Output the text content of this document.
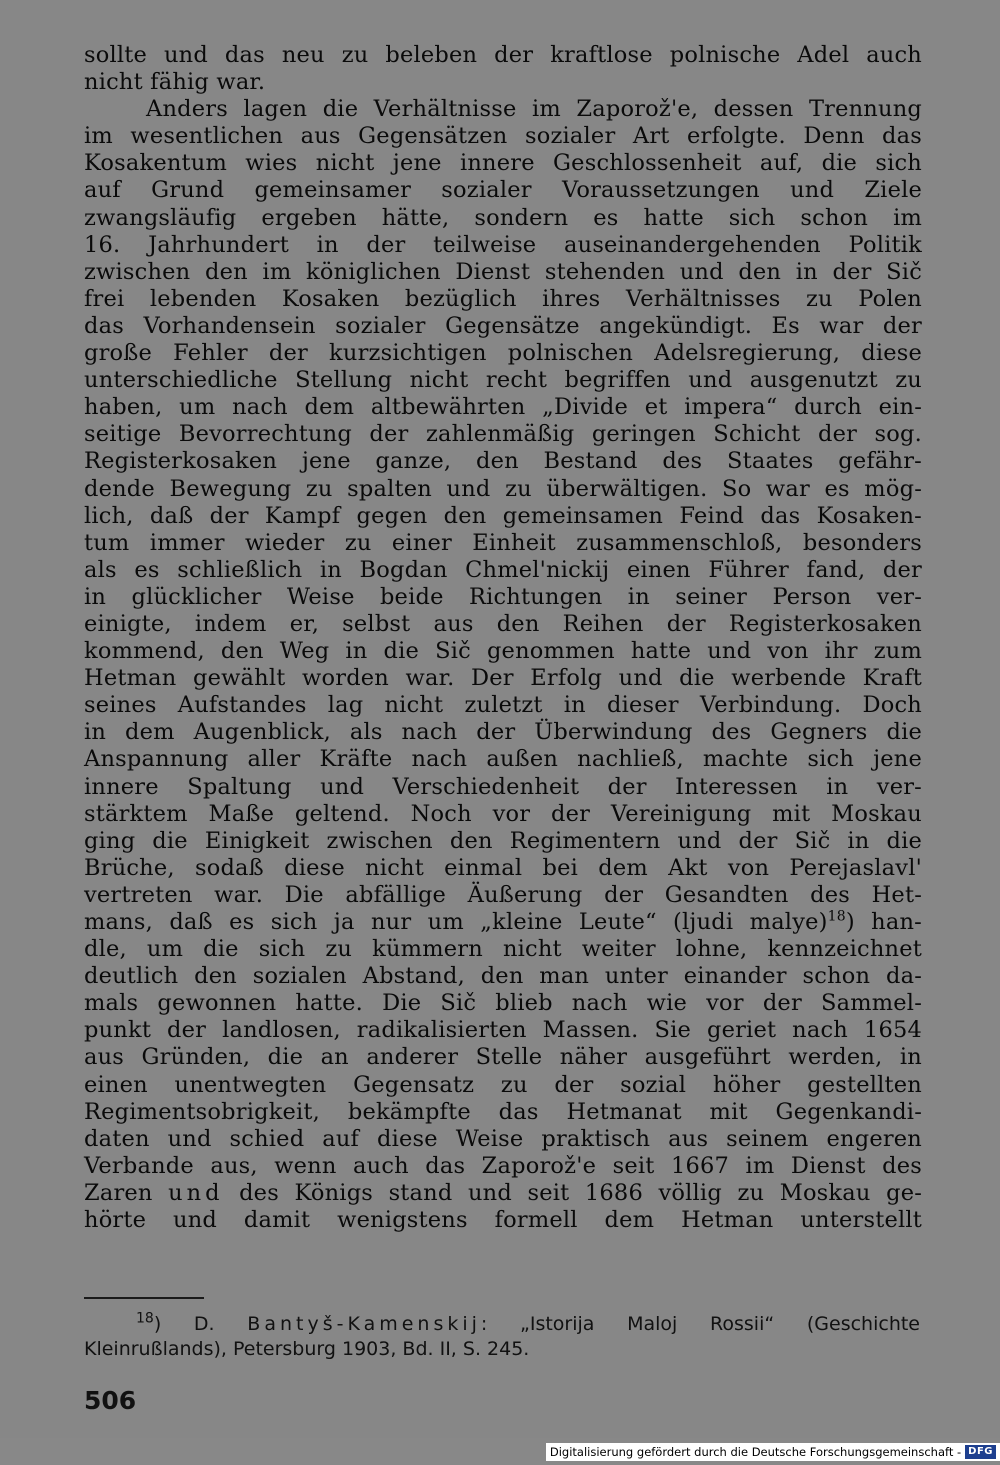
sollte und das neu zu beleben der kraftlose polnische Adel auch
nicht fähig war.
Anders lagen die Verhältnisse im Zaporož'e, dessen Trennung
im wesentlichen aus Gegensätzen sozialer Art erfolgte. Denn das
Kosakentum wies nicht jene innere Geschlossenheit auf, die sich
auf Grund gemeinsamer sozialer Voraussetzungen und Ziele
zwangsläufig ergeben hätte, sondern es hatte sich schon im
16. Jahrhundert in der teilweise auseinandergehenden Politik
zwischen den im königlichen Dienst stehenden und den in der Sič
frei lebenden Kosaken bezüglich ihres Verhältnisses zu Polen
das Vorhandensein sozialer Gegensätze angekündigt. Es war der
große Fehler der kurzsichtigen polnischen Adelsregierung, diese
unterschiedliche Stellung nicht recht begriffen und ausgenutzt zu
haben, um nach dem altbewährten „Divide et impera“ durch ein-
seitige Bevorrechtung der zahlenmäßig geringen Schicht der sog.
Registerkosaken jene ganze, den Bestand des Staates gefähr-
dende Bewegung zu spalten und zu überwältigen. So war es mög-
lich, daß der Kampf gegen den gemeinsamen Feind das Kosaken-
tum immer wieder zu einer Einheit zusammenschloß, besonders
als es schließlich in Bogdan Chmel'nickij einen Führer fand, der
in glücklicher Weise beide Richtungen in seiner Person ver-
einigte, indem er, selbst aus den Reihen der Registerkosaken
kommend, den Weg in die Sič genommen hatte und von ihr zum
Hetman gewählt worden war. Der Erfolg und die werbende Kraft
seines Aufstandes lag nicht zuletzt in dieser Verbindung. Doch
in dem Augenblick, als nach der Überwindung des Gegners die
Anspannung aller Kräfte nach außen nachließ, machte sich jene
innere Spaltung und Verschiedenheit der Interessen in ver-
stärktem Maße geltend. Noch vor der Vereinigung mit Moskau
ging die Einigkeit zwischen den Regimentern und der Sič in die
Brüche, sodaß diese nicht einmal bei dem Akt von Perejaslavl'
vertreten war. Die abfällige Äußerung der Gesandten des Het-
mans, daß es sich ja nur um „kleine Leute“ (ljudi malye)$^{18}$) han-
dle, um die sich zu kümmern nicht weiter lohne, kennzeichnet
deutlich den sozialen Abstand, den man unter einander schon da-
mals gewonnen hatte. Die Sič blieb nach wie vor der Sammel-
punkt der landlosen, radikalisierten Massen. Sie geriet nach 1654
aus Gründen, die an anderer Stelle näher ausgeführt werden, in
einen unentwegten Gegensatz zu der sozial höher gestellten
Regimentsobrigkeit, bekämpfte das Hetmanat mit Gegenkandi-
daten und schied auf diese Weise praktisch aus seinem engeren
Verbande aus, wenn auch das Zaporož'e seit 1667 im Dienst des
Zaren und des Königs stand und seit 1686 völlig zu Moskau ge-
hörte und damit wenigstens formell dem Hetman unterstellt
$^{18}$) D. Bantyš-Kamenskij: „Istorija Maloj Rossii“ (Geschichte
Kleinrußlands), Petersburg 1903, Bd. II, S. 245.
506
Digitalisierung gefördert durch die Deutsche Forschungsgemeinschaft - DFG
